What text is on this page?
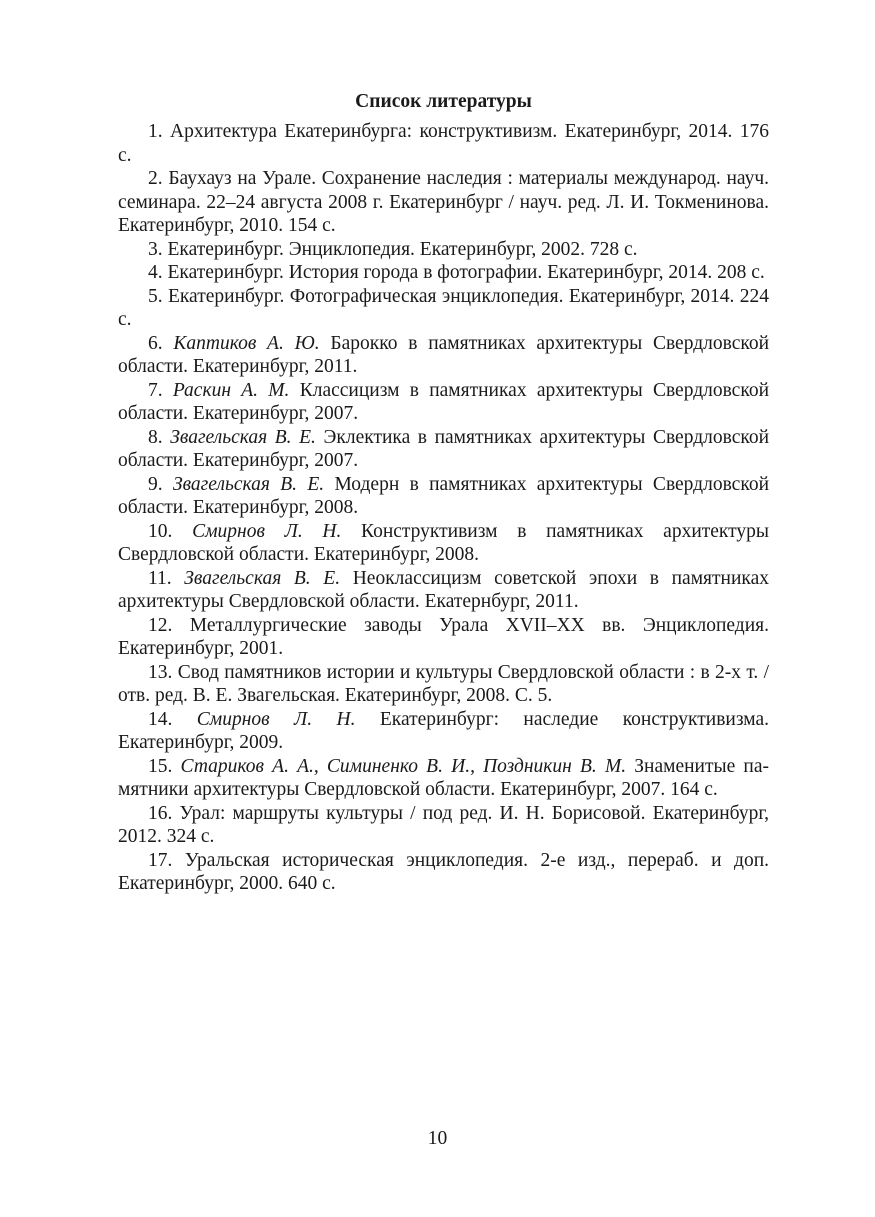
Список литературы
1. Архитектура Екатеринбурга: конструктивизм. Екатеринбург, 2014. 176 с.
2. Баухауз на Урале. Сохранение наследия : материалы международ. науч. семинара. 22–24 августа 2008 г. Екатеринбург / науч. ред. Л. И. Токменинова. Екатеринбург, 2010. 154 с.
3. Екатеринбург. Энциклопедия. Екатеринбург, 2002. 728 с.
4. Екатеринбург. История города в фотографии. Екатеринбург, 2014. 208 с.
5. Екатеринбург. Фотографическая энциклопедия. Екатеринбург, 2014. 224 с.
6. Каптиков А. Ю. Барокко в памятниках архитектуры Свердловской области. Екатеринбург, 2011.
7. Раскин А. М. Классицизм в памятниках архитектуры Свердловской области. Екатеринбург, 2007.
8. Звагельская В. Е. Эклектика в памятниках архитектуры Свердловской области. Екатеринбург, 2007.
9. Звагельская В. Е. Модерн в памятниках архитектуры Свердловской области. Екатеринбург, 2008.
10. Смирнов Л. Н. Конструктивизм в памятниках архитектуры Свердловской области. Екатеринбург, 2008.
11. Звагельская В. Е. Неоклассицизм советской эпохи в памятниках архитектуры Свердловской области. Екатернбург, 2011.
12. Металлургические заводы Урала XVII–XX вв. Энциклопедия. Екатеринбург, 2001.
13. Свод памятников истории и культуры Свердловской области : в 2-х т. / отв. ред. В. Е. Звагельская. Екатеринбург, 2008. С. 5.
14. Смирнов Л. Н. Екатеринбург: наследие конструктивизма. Екатеринбург, 2009.
15. Стариков А. А., Симиненко В. И., Поздникин В. М. Знаменитые памятники архитектуры Свердловской области. Екатеринбург, 2007. 164 с.
16. Урал: маршруты культуры / под ред. И. Н. Борисовой. Екатеринбург, 2012. 324 с.
17. Уральская историческая энциклопедия. 2-е изд., перераб. и доп. Екатеринбург, 2000. 640 с.
10
